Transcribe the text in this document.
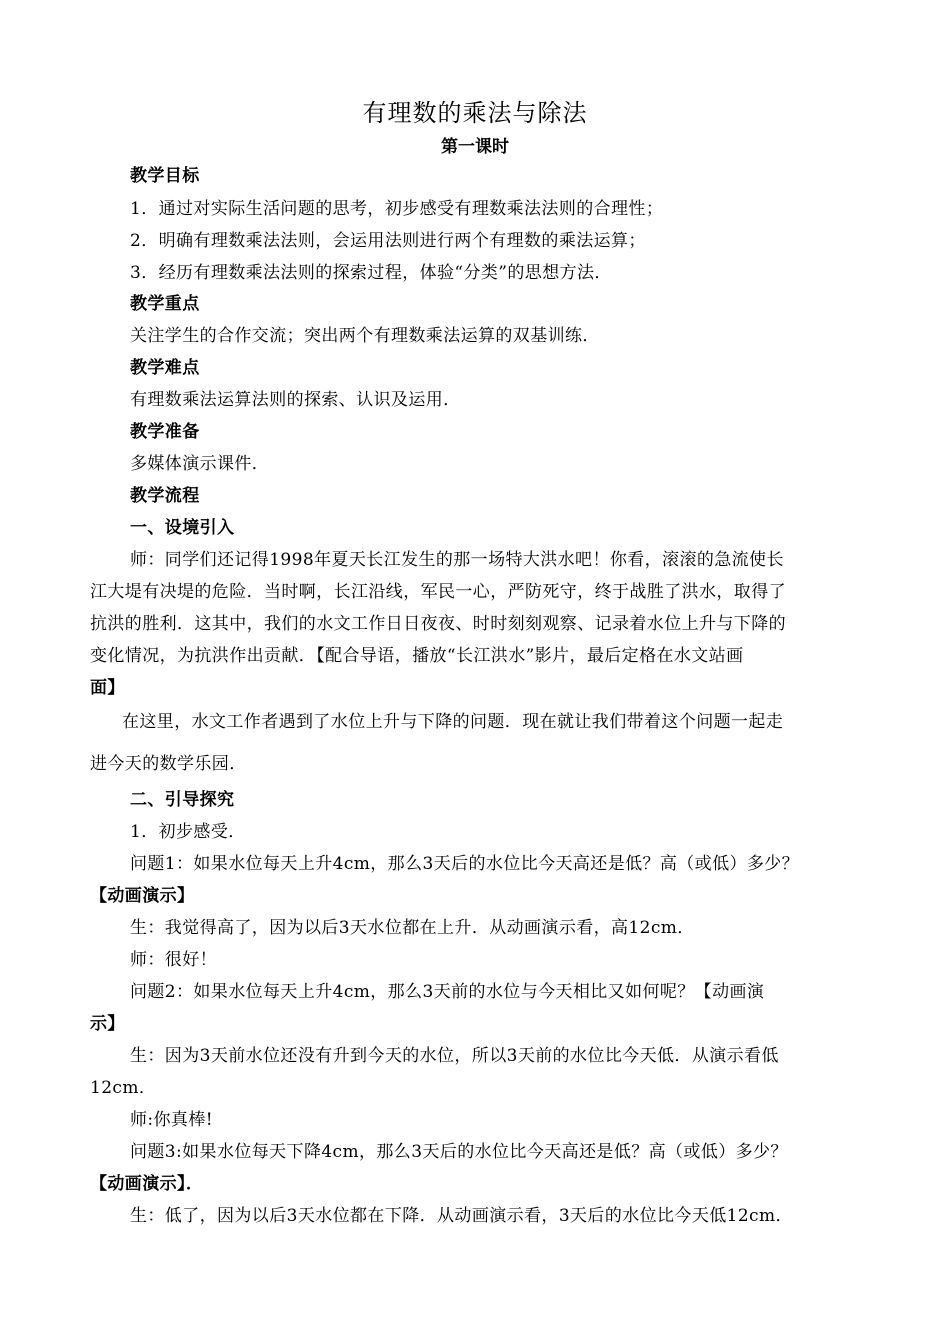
有理数的乘法与除法
第一课时
教学目标
1．通过对实际生活问题的思考，初步感受有理数乘法法则的合理性；
2．明确有理数乘法法则，会运用法则进行两个有理数的乘法运算；
3．经历有理数乘法法则的探索过程，体验“分类”的思想方法．
教学重点
关注学生的合作交流；突出两个有理数乘法运算的双基训练．
教学难点
有理数乘法运算法则的探索、认识及运用．
教学准备
多媒体演示课件．
教学流程
一、设境引入
师：同学们还记得1998年夏天长江发生的那一场特大洪水吧！你看，滚滚的急流使长
江大堤有决堤的危险．当时啊，长江沿线，军民一心，严防死守，终于战胜了洪水，取得了
抗洪的胜利．这其中，我们的水文工作日日夜夜、时时刻刻观察、记录着水位上升与下降的
变化情况，为抗洪作出贡献．【配合导语，播放“长江洪水”影片，最后定格在水文站画
面】
在这里，水文工作者遇到了水位上升与下降的问题．现在就让我们带着这个问题一起走
进今天的数学乐园．
二、引导探究
1．初步感受．
问题1：如果水位每天上升4cm，那么3天后的水位比今天高还是低？高（或低）多少？
【动画演示】
生：我觉得高了，因为以后3天水位都在上升．从动画演示看，高12cm．
师：很好！
问题2：如果水位每天上升4cm，那么3天前的水位与今天相比又如何呢？【动画演
示】
生：因为3天前水位还没有升到今天的水位，所以3天前的水位比今天低．从演示看低
12cm．
师:你真棒!
问题3:如果水位每天下降4cm，那么3天后的水位比今天高还是低？高（或低）多少？
【动画演示】．
生：低了，因为以后3天水位都在下降．从动画演示看，3天后的水位比今天低12cm．
